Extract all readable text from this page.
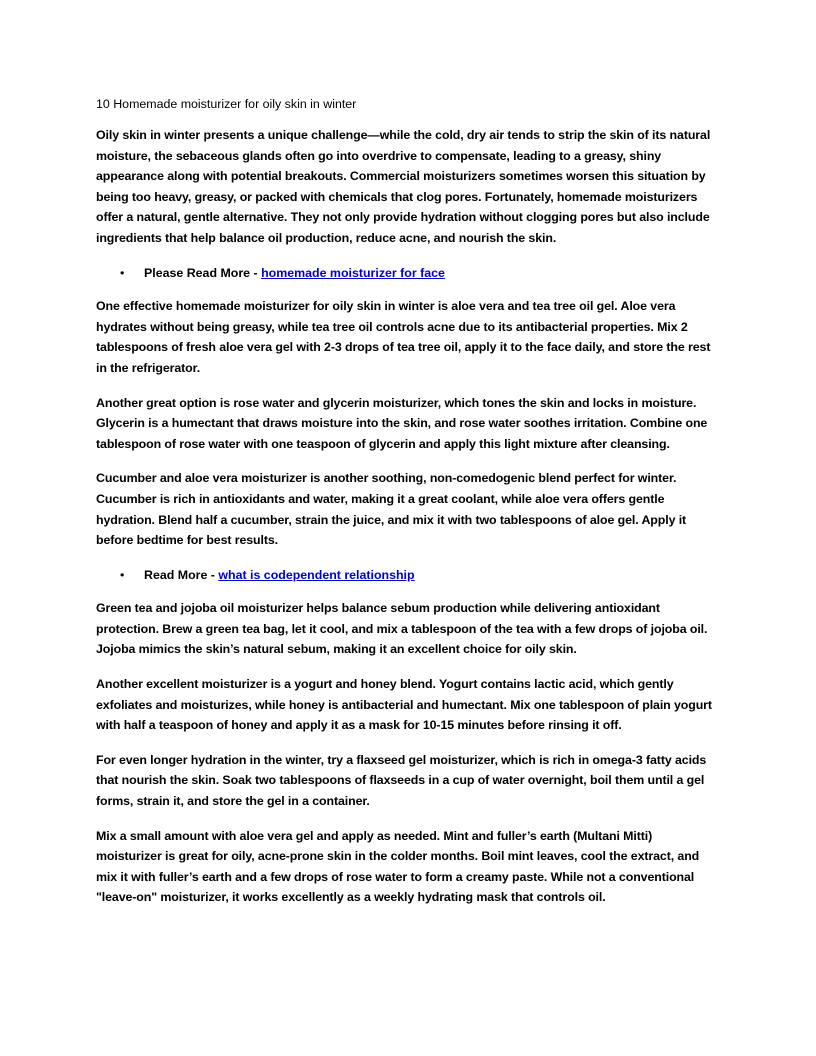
10 Homemade moisturizer for oily skin in winter

Oily skin in winter presents a unique challenge—while the cold, dry air tends to strip the skin of its natural moisture, the sebaceous glands often go into overdrive to compensate, leading to a greasy, shiny appearance along with potential breakouts. Commercial moisturizers sometimes worsen this situation by being too heavy, greasy, or packed with chemicals that clog pores. Fortunately, homemade moisturizers offer a natural, gentle alternative. They not only provide hydration without clogging pores but also include ingredients that help balance oil production, reduce acne, and nourish the skin.

• Please Read More - homemade moisturizer for face

One effective homemade moisturizer for oily skin in winter is aloe vera and tea tree oil gel. Aloe vera hydrates without being greasy, while tea tree oil controls acne due to its antibacterial properties. Mix 2 tablespoons of fresh aloe vera gel with 2-3 drops of tea tree oil, apply it to the face daily, and store the rest in the refrigerator.

Another great option is rose water and glycerin moisturizer, which tones the skin and locks in moisture. Glycerin is a humectant that draws moisture into the skin, and rose water soothes irritation. Combine one tablespoon of rose water with one teaspoon of glycerin and apply this light mixture after cleansing.

Cucumber and aloe vera moisturizer is another soothing, non-comedogenic blend perfect for winter. Cucumber is rich in antioxidants and water, making it a great coolant, while aloe vera offers gentle hydration. Blend half a cucumber, strain the juice, and mix it with two tablespoons of aloe gel. Apply it before bedtime for best results.

• Read More - what is codependent relationship

Green tea and jojoba oil moisturizer helps balance sebum production while delivering antioxidant protection. Brew a green tea bag, let it cool, and mix a tablespoon of the tea with a few drops of jojoba oil. Jojoba mimics the skin’s natural sebum, making it an excellent choice for oily skin.

Another excellent moisturizer is a yogurt and honey blend. Yogurt contains lactic acid, which gently exfoliates and moisturizes, while honey is antibacterial and humectant. Mix one tablespoon of plain yogurt with half a teaspoon of honey and apply it as a mask for 10-15 minutes before rinsing it off.

For even longer hydration in the winter, try a flaxseed gel moisturizer, which is rich in omega-3 fatty acids that nourish the skin. Soak two tablespoons of flaxseeds in a cup of water overnight, boil them until a gel forms, strain it, and store the gel in a container.

Mix a small amount with aloe vera gel and apply as needed. Mint and fuller’s earth (Multani Mitti) moisturizer is great for oily, acne-prone skin in the colder months. Boil mint leaves, cool the extract, and mix it with fuller’s earth and a few drops of rose water to form a creamy paste. While not a conventional "leave-on" moisturizer, it works excellently as a weekly hydrating mask that controls oil.
